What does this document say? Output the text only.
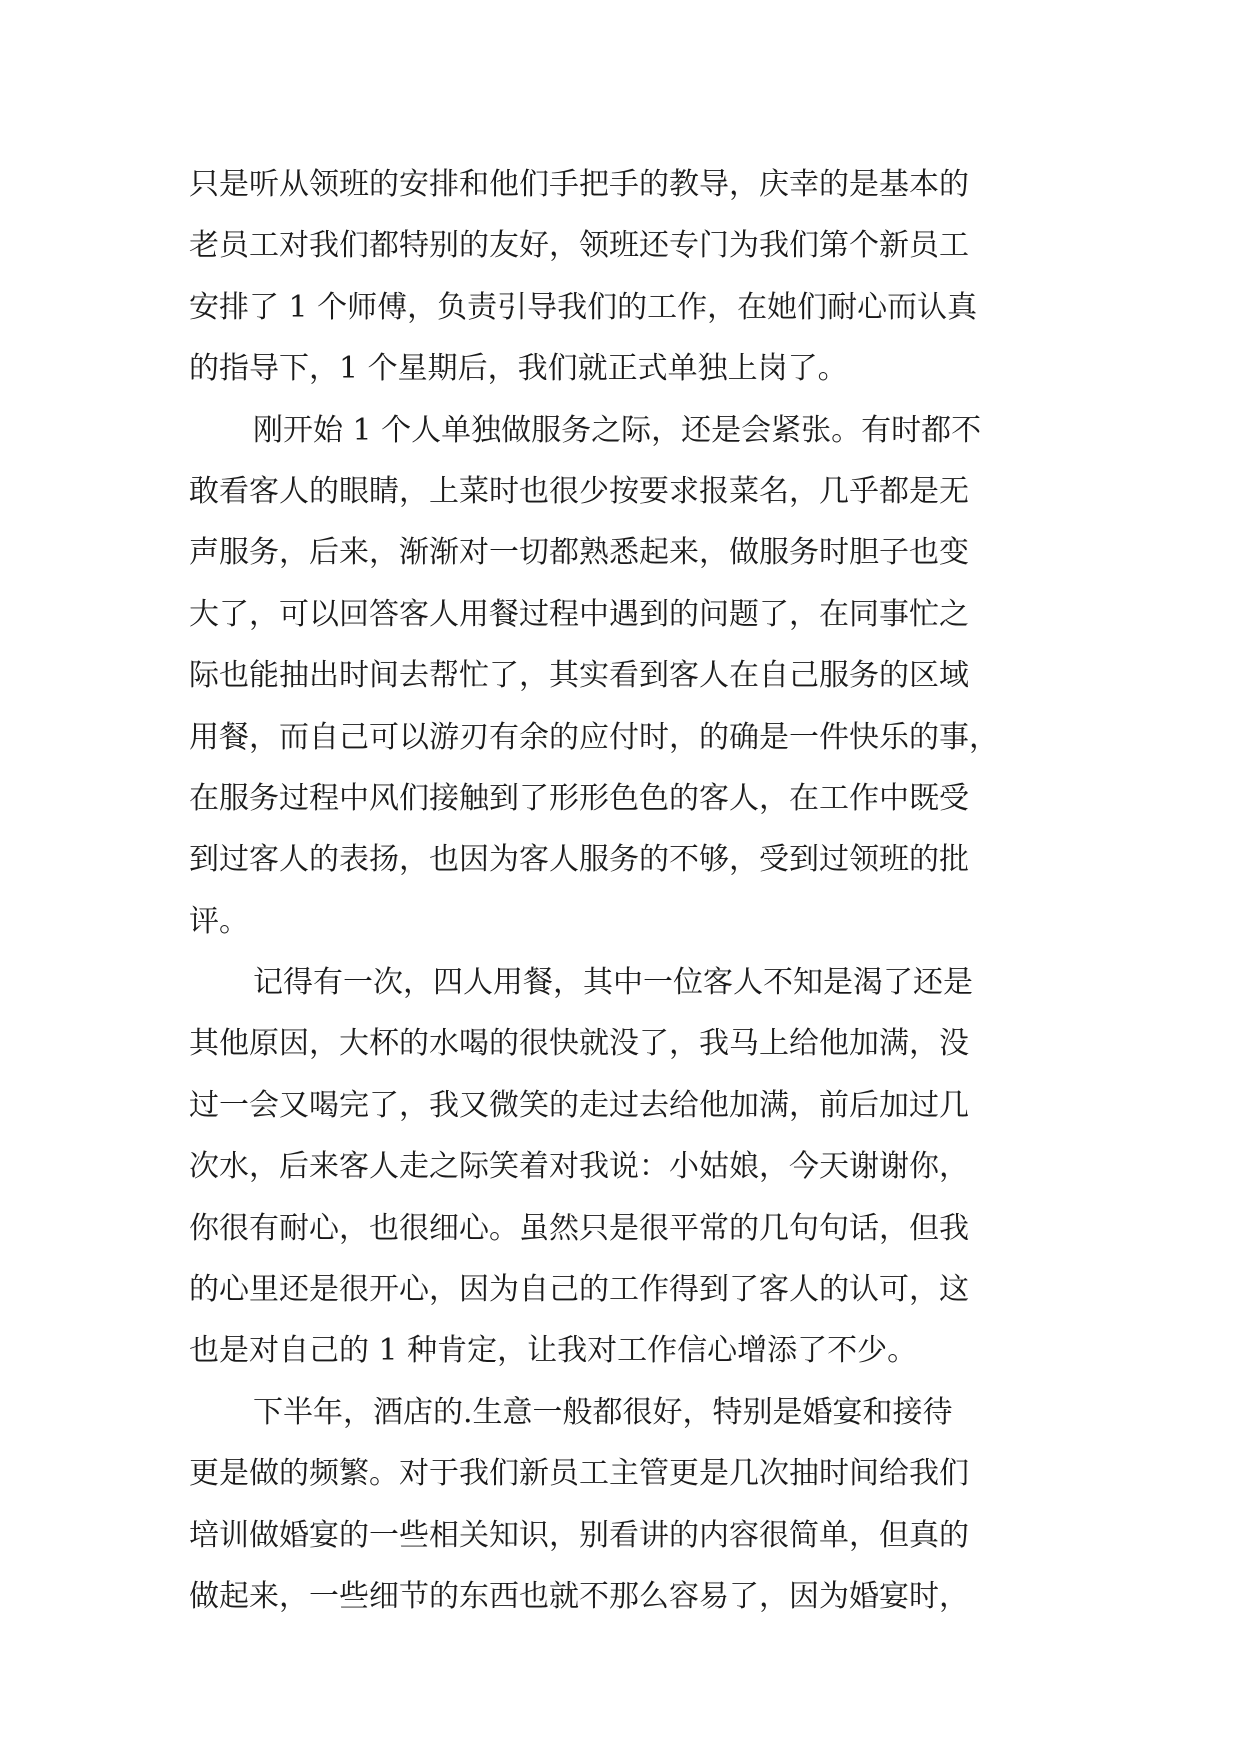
只是听从领班的安排和他们手把手的教导，庆幸的是基本的
老员工对我们都特别的友好，领班还专门为我们第个新员工
安排了 1 个师傅，负责引导我们的工作，在她们耐心而认真
的指导下，1 个星期后，我们就正式单独上岗了。
刚开始 1 个人单独做服务之际，还是会紧张。有时都不
敢看客人的眼睛，上菜时也很少按要求报菜名，几乎都是无
声服务，后来，渐渐对一切都熟悉起来，做服务时胆子也变
大了，可以回答客人用餐过程中遇到的问题了，在同事忙之
际也能抽出时间去帮忙了，其实看到客人在自己服务的区域
用餐，而自己可以游刃有余的应付时，的确是一件快乐的事，
在服务过程中风们接触到了形形色色的客人，在工作中既受
到过客人的表扬，也因为客人服务的不够，受到过领班的批
评。
记得有一次，四人用餐，其中一位客人不知是渴了还是
其他原因，大杯的水喝的很快就没了，我马上给他加满，没
过一会又喝完了，我又微笑的走过去给他加满，前后加过几
次水，后来客人走之际笑着对我说：小姑娘，今天谢谢你，
你很有耐心，也很细心。虽然只是很平常的几句句话，但我
的心里还是很开心，因为自己的工作得到了客人的认可，这
也是对自己的 1 种肯定，让我对工作信心增添了不少。
下半年，酒店的.生意一般都很好，特别是婚宴和接待
更是做的频繁。对于我们新员工主管更是几次抽时间给我们
培训做婚宴的一些相关知识，别看讲的内容很简单，但真的
做起来，一些细节的东西也就不那么容易了，因为婚宴时，
